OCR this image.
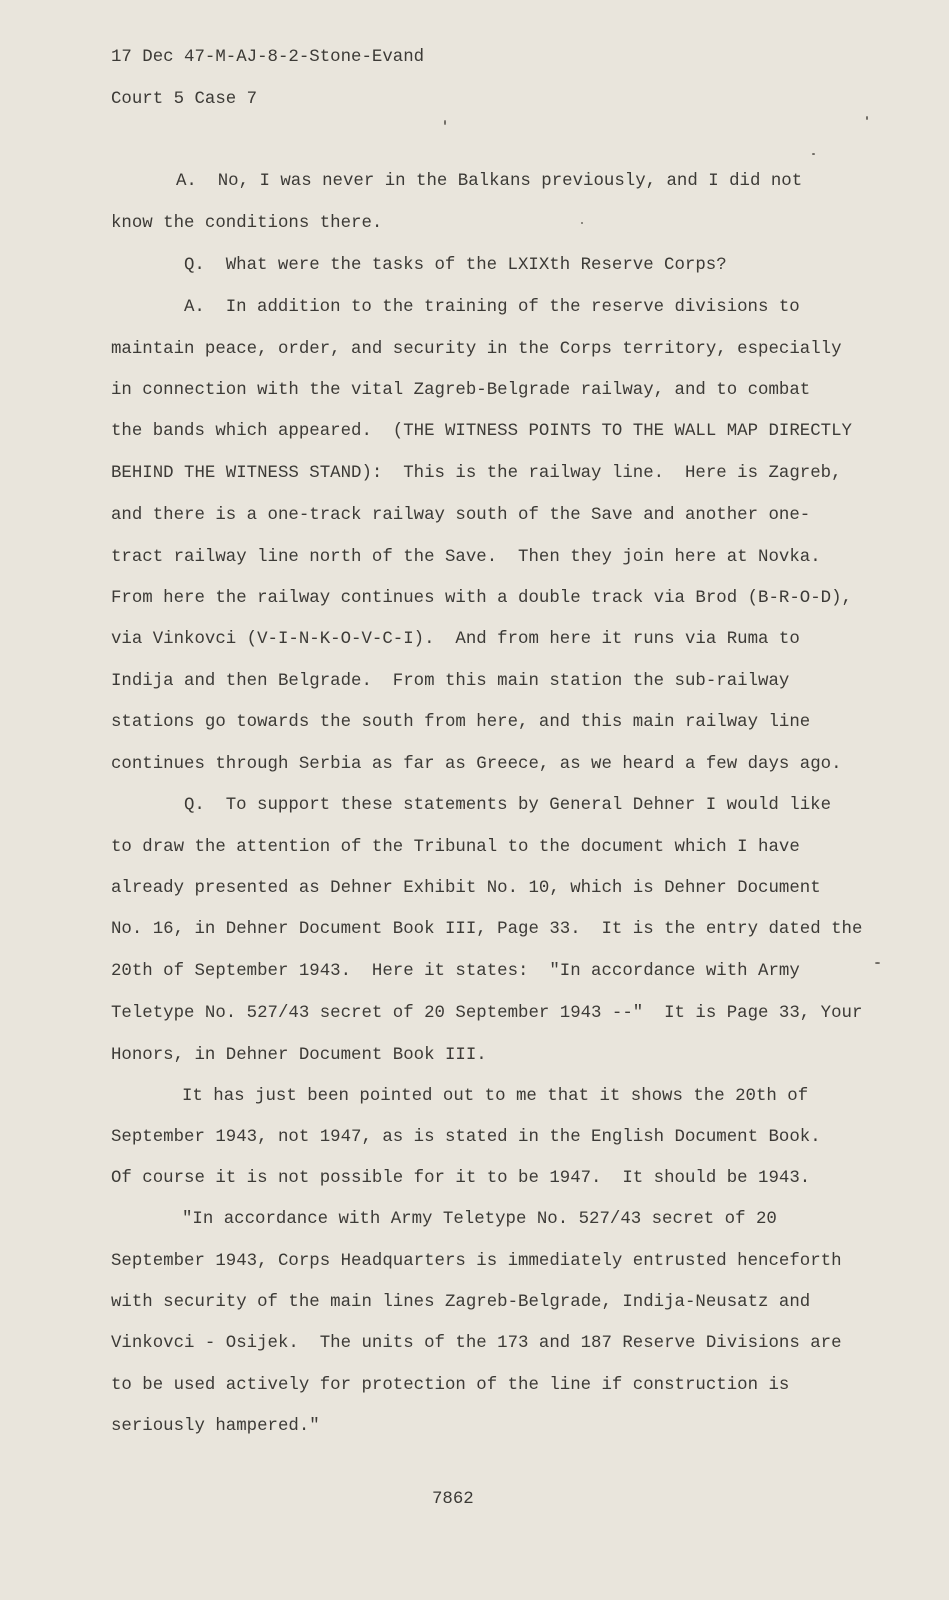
17 Dec 47-M-AJ-8-2-Stone-Evand
Court 5 Case 7
A.  No, I was never in the Balkans previously, and I did not
know the conditions there.
Q.  What were the tasks of the LXIXth Reserve Corps?
A.  In addition to the training of the reserve divisions to
maintain peace, order, and security in the Corps territory, especially
in connection with the vital Zagreb-Belgrade railway, and to combat
the bands which appeared.  (THE WITNESS POINTS TO THE WALL MAP DIRECTLY
BEHIND THE WITNESS STAND):  This is the railway line.  Here is Zagreb,
and there is a one-track railway south of the Save and another one-
tract railway line north of the Save.  Then they join here at Novka.
From here the railway continues with a double track via Brod (B-R-O-D),
via Vinkovci (V-I-N-K-O-V-C-I).  And from here it runs via Ruma to
Indija and then Belgrade.  From this main station the sub-railway
stations go towards the south from here, and this main railway line
continues through Serbia as far as Greece, as we heard a few days ago.
Q.  To support these statements by General Dehner I would like
to draw the attention of the Tribunal to the document which I have
already presented as Dehner Exhibit No. 10, which is Dehner Document
No. 16, in Dehner Document Book III, Page 33.  It is the entry dated the
20th of September 1943.  Here it states:  "In accordance with Army
Teletype No. 527/43 secret of 20 September 1943 --"  It is Page 33, Your
Honors, in Dehner Document Book III.
It has just been pointed out to me that it shows the 20th of
September 1943, not 1947, as is stated in the English Document Book.
Of course it is not possible for it to be 1947.  It should be 1943.
"In accordance with Army Teletype No. 527/43 secret of 20
September 1943, Corps Headquarters is immediately entrusted henceforth
with security of the main lines Zagreb-Belgrade, Indija-Neusatz and
Vinkovci - Osijek.  The units of the 173 and 187 Reserve Divisions are
to be used actively for protection of the line if construction is
seriously hampered."
7862
